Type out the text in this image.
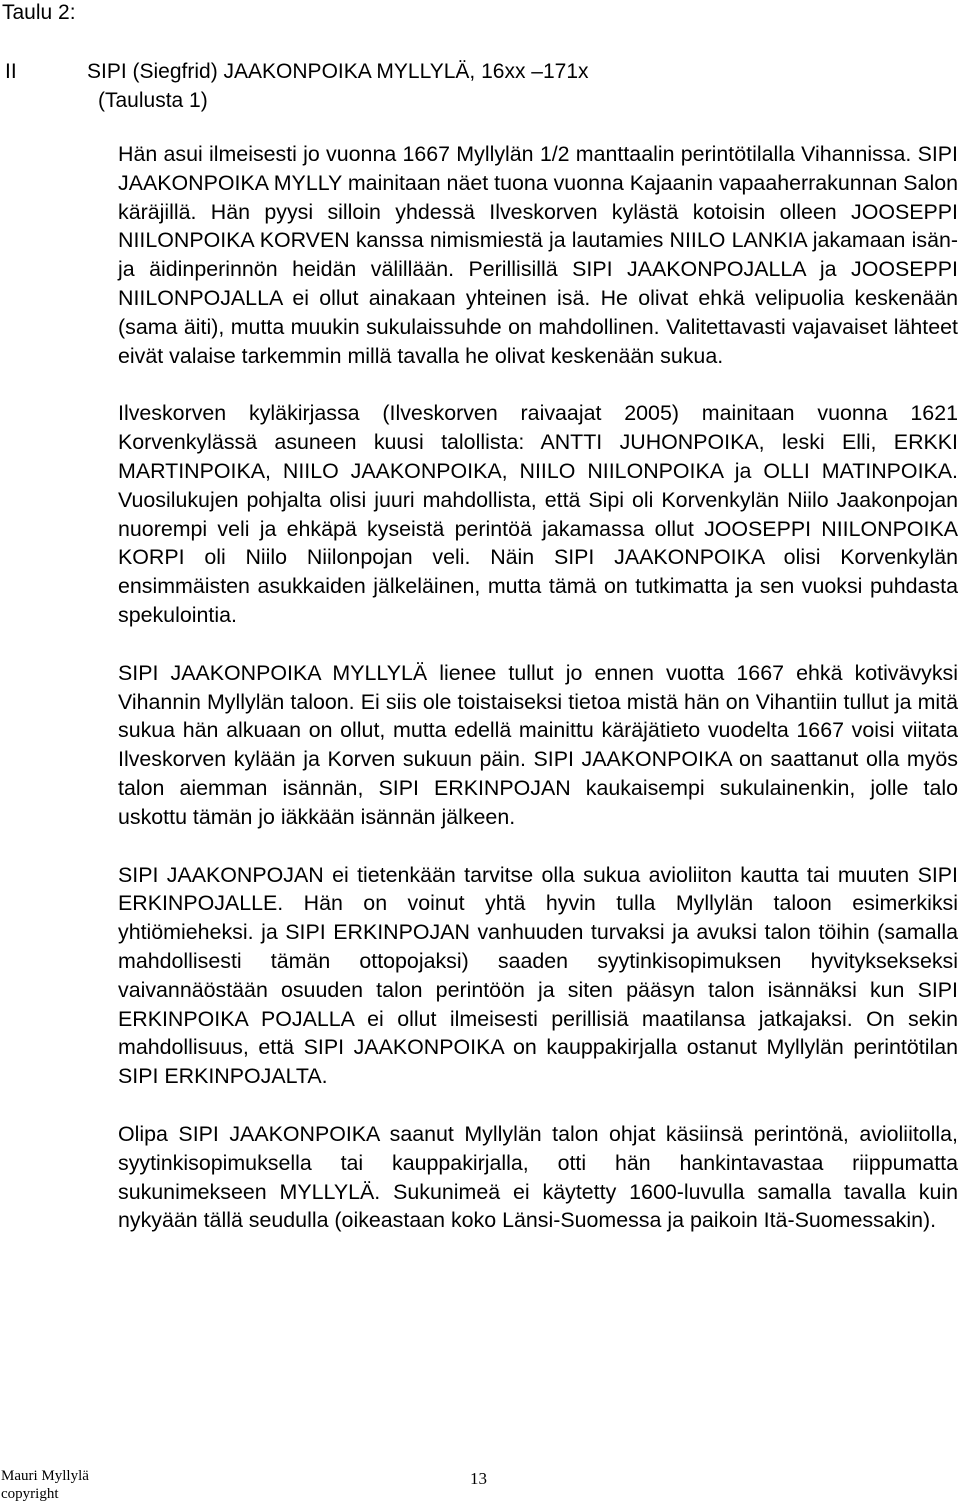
Taulu 2:
II	SIPI (Siegfrid) JAAKONPOIKA MYLLYLÄ, 16xx –171x
(Taulusta 1)

Hän asui ilmeisesti jo vuonna 1667 Myllylän 1/2 manttaalin perintötilalla Vihannissa. SIPI JAAKONPOIKA MYLLY mainitaan näet tuona vuonna Kajaanin vapaaherrakunnan Salon käräjillä. Hän pyysi silloin yhdessä Ilveskorven kylästä kotoisin olleen JOOSEPPI NIILONPOIKA KORVEN kanssa nimismiestä ja lautamies NIILO LANKIA jakamaan isän- ja äidinperinnön heidän välillään. Perillisillä SIPI JAAKONPOJALLA ja JOOSEPPI NIILONPOJALLA ei ollut ainakaan yhteinen isä. He olivat ehkä velipuolia keskenään (sama äiti), mutta muukin sukulaissuhde on mahdollinen. Valitettavasti vajavaiset lähteet eivät valaise tarkemmin millä tavalla he olivat keskenään sukua.

Ilveskorven kyläkirjassa (Ilveskorven raivaajat 2005) mainitaan vuonna 1621 Korvenkylässä asuneen kuusi talollista: ANTTI JUHONPOIKA, leski Elli, ERKKI MARTINPOIKA, NIILO JAAKONPOIKA, NIILO NIILONPOIKA ja OLLI MATINPOIKA. Vuosilukujen pohjalta olisi juuri mahdollista, että Sipi oli Korvenkylän Niilo Jaakonpojan nuorempi veli ja ehkäpä kyseistä perintöä jakamassa ollut JOOSEPPI NIILONPOIKA KORPI oli Niilo Niilonpojan veli. Näin SIPI JAAKONPOIKA olisi Korvenkylän ensimmäisten asukkaiden jälkeläinen, mutta tämä on tutkimatta ja sen vuoksi puhdasta spekulointia.

SIPI JAAKONPOIKA MYLLYLÄ lienee tullut jo ennen vuotta 1667 ehkä kotivävyksi Vihannin Myllylän taloon. Ei siis ole toistaiseksi tietoa mistä hän on Vihantiin tullut ja mitä sukua hän alkuaan on ollut, mutta edellä mainittu käräjätieto vuodelta 1667 voisi viitata Ilveskorven kylään ja Korven sukuun päin. SIPI JAAKONPOIKA on saattanut olla myös talon aiemman isännän, SIPI ERKINPOJAN kaukaisempi sukulainenkin, jolle talo uskottu tämän jo iäkkään isännän jälkeen.

SIPI JAAKONPOJAN ei tietenkään tarvitse olla sukua avioliiton kautta tai muuten SIPI ERKINPOJALLE. Hän on voinut yhtä hyvin tulla Myllylän taloon esimerkiksi yhtiömieheksi. ja SIPI ERKINPOJAN vanhuuden turvaksi ja avuksi talon töihin (samalla mahdollisesti tämän ottopojaksi) saaden syytinkisopimuksen hyvityksekseksi vaivannäöstään osuuden talon perintöön ja siten pääsyn talon isännäksi kun SIPI ERKINPOIKA POJALLA ei ollut ilmeisesti perillisiä maatilansa jatkajaksi. On sekin mahdollisuus, että SIPI JAAKONPOIKA on kauppakirjalla ostanut Myllylän perintötilan SIPI ERKINPOJALTA.

Olipa SIPI JAAKONPOIKA saanut Myllylän talon ohjat käsiinsä perintönä, avioliitolla, syytinkisopimuksella tai kauppakirjalla, otti hän hankintavastaa riippumatta sukunimekseen MYLLYLÄ. Sukunimeä ei käytetty 1600-luvulla samalla tavalla kuin nykyään tällä seudulla (oikeastaan koko Länsi-Suomessa ja paikoin Itä-Suomessakin).

Mauri Myllylä
copyright
13
